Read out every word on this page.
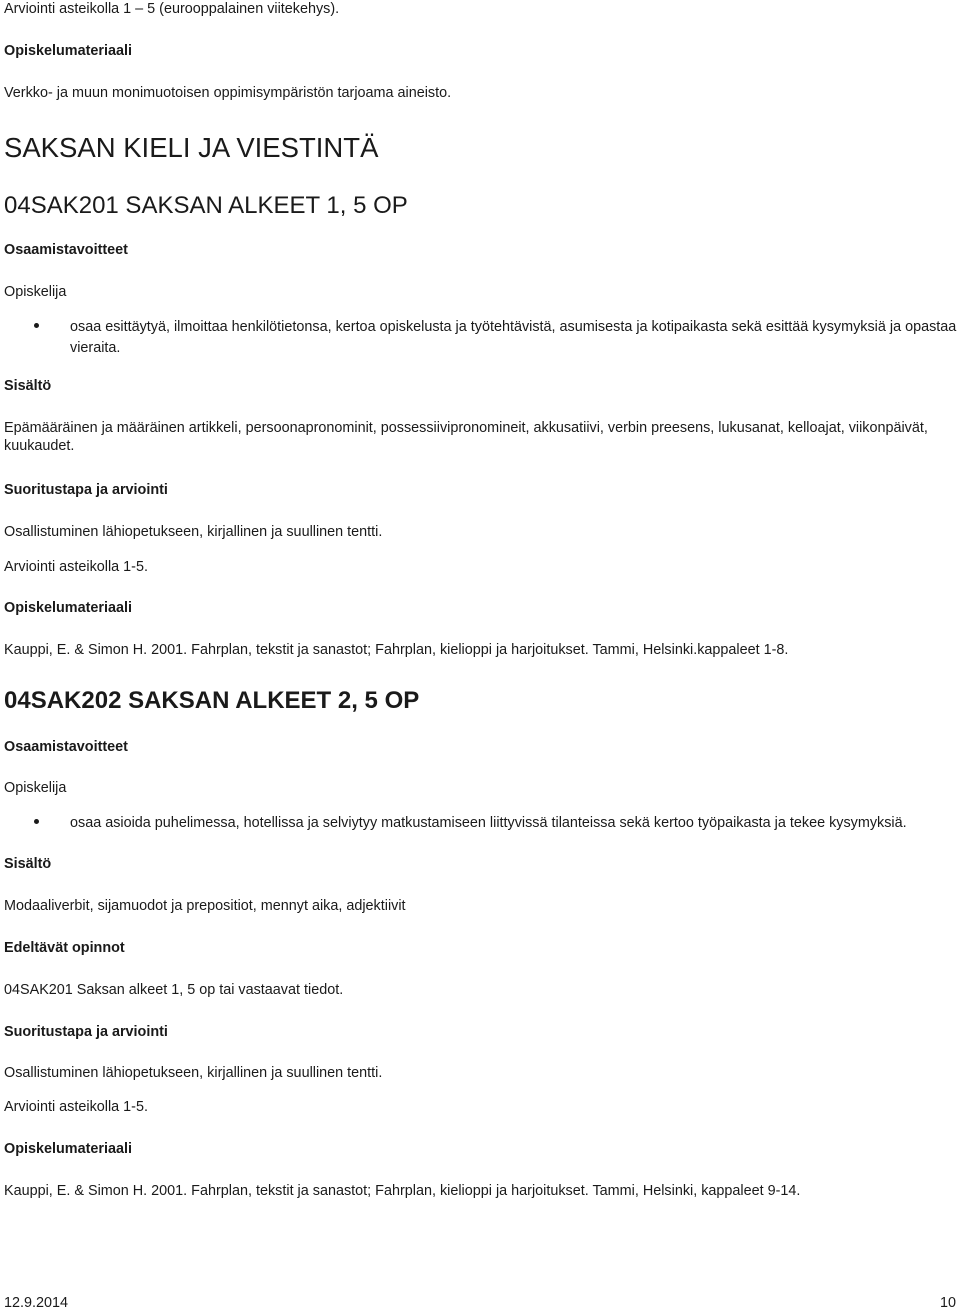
Arviointi asteikolla 1 – 5 (eurooppalainen viitekehys).
Opiskelumateriaali
Verkko- ja muun monimuotoisen oppimisympäristön tarjoama aineisto.
SAKSAN KIELI JA VIESTINTÄ
04SAK201 SAKSAN ALKEET 1, 5 OP
Osaamistavoitteet
Opiskelija
osaa esittäytyä, ilmoittaa henkilötietonsa, kertoa opiskelusta ja työtehtävistä, asumisesta ja kotipaikasta sekä esittää kysymyksiä ja opastaa vieraita.
Sisältö
Epämääräinen ja määräinen artikkeli, persoonapronominit, possessiivipronomineit, akkusatiivi, verbin preesens, lukusanat, kelloajat, viikonpäivät, kuukaudet.
Suoritustapa ja arviointi
Osallistuminen lähiopetukseen, kirjallinen ja suullinen tentti.
Arviointi asteikolla 1-5.
Opiskelumateriaali
Kauppi, E. & Simon H. 2001. Fahrplan, tekstit ja sanastot; Fahrplan, kielioppi ja harjoitukset. Tammi, Helsinki.kappaleet 1-8.
04SAK202 SAKSAN ALKEET 2, 5 OP
Osaamistavoitteet
Opiskelija
osaa asioida puhelimessa, hotellissa ja selviytyy matkustamiseen liittyvissä tilanteissa sekä kertoo työpaikasta ja tekee kysymyksiä.
Sisältö
Modaaliverbit, sijamuodot ja prepositiot, mennyt aika, adjektiivit
Edeltävät opinnot
04SAK201 Saksan alkeet 1, 5 op tai vastaavat tiedot.
Suoritustapa ja arviointi
Osallistuminen lähiopetukseen, kirjallinen ja suullinen tentti.
Arviointi asteikolla 1-5.
Opiskelumateriaali
Kauppi, E. & Simon H. 2001. Fahrplan, tekstit ja sanastot; Fahrplan, kielioppi ja harjoitukset. Tammi, Helsinki, kappaleet 9-14.
12.9.2014	10
